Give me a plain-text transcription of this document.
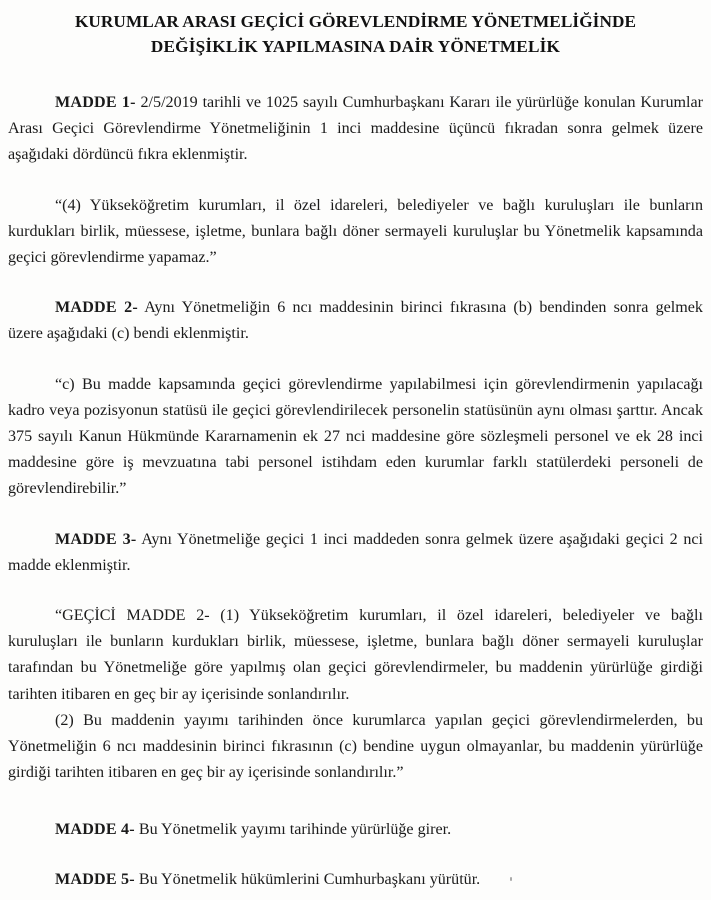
KURUMLAR ARASI GEÇİCİ GÖREVLENDİRME YÖNETMELİĞİNDE
DEĞİŞİKLİK YAPILMASINA DAİR YÖNETMELİK

MADDE 1- 2/5/2019 tarihli ve 1025 sayılı Cumhurbaşkanı Kararı ile yürürlüğe konulan Kurumlar Arası Geçici Görevlendirme Yönetmeliğinin 1 inci maddesine üçüncü fıkradan sonra gelmek üzere aşağıdaki dördüncü fıkra eklenmiştir.

“(4) Yükseköğretim kurumları, il özel idareleri, belediyeler ve bağlı kuruluşları ile bunların kurdukları birlik, müessese, işletme, bunlara bağlı döner sermayeli kuruluşlar bu Yönetmelik kapsamında geçici görevlendirme yapamaz.”

MADDE 2- Aynı Yönetmeliğin 6 ncı maddesinin birinci fıkrasına (b) bendinden sonra gelmek üzere aşağıdaki (c) bendi eklenmiştir.

“c) Bu madde kapsamında geçici görevlendirme yapılabilmesi için görevlendirmenin yapılacağı kadro veya pozisyonun statüsü ile geçici görevlendirilecek personelin statüsünün aynı olması şarttır. Ancak 375 sayılı Kanun Hükmünde Kararnamenin ek 27 nci maddesine göre sözleşmeli personel ve ek 28 inci maddesine göre iş mevzuatına tabi personel istihdam eden kurumlar farklı statülerdeki personeli de görevlendirebilir.”

MADDE 3- Aynı Yönetmeliğe geçici 1 inci maddeden sonra gelmek üzere aşağıdaki geçici 2 nci madde eklenmiştir.

“GEÇİCİ MADDE 2- (1) Yükseköğretim kurumları, il özel idareleri, belediyeler ve bağlı kuruluşları ile bunların kurdukları birlik, müessese, işletme, bunlara bağlı döner sermayeli kuruluşlar tarafından bu Yönetmeliğe göre yapılmış olan geçici görevlendirmeler, bu maddenin yürürlüğe girdiği tarihten itibaren en geç bir ay içerisinde sonlandırılır.

(2) Bu maddenin yayımı tarihinden önce kurumlarca yapılan geçici görevlendirmelerden, bu Yönetmeliğin 6 ncı maddesinin birinci fıkrasının (c) bendine uygun olmayanlar, bu maddenin yürürlüğe girdiği tarihten itibaren en geç bir ay içerisinde sonlandırılır.”

MADDE 4- Bu Yönetmelik yayımı tarihinde yürürlüğe girer.

MADDE 5- Bu Yönetmelik hükümlerini Cumhurbaşkanı yürütür.
